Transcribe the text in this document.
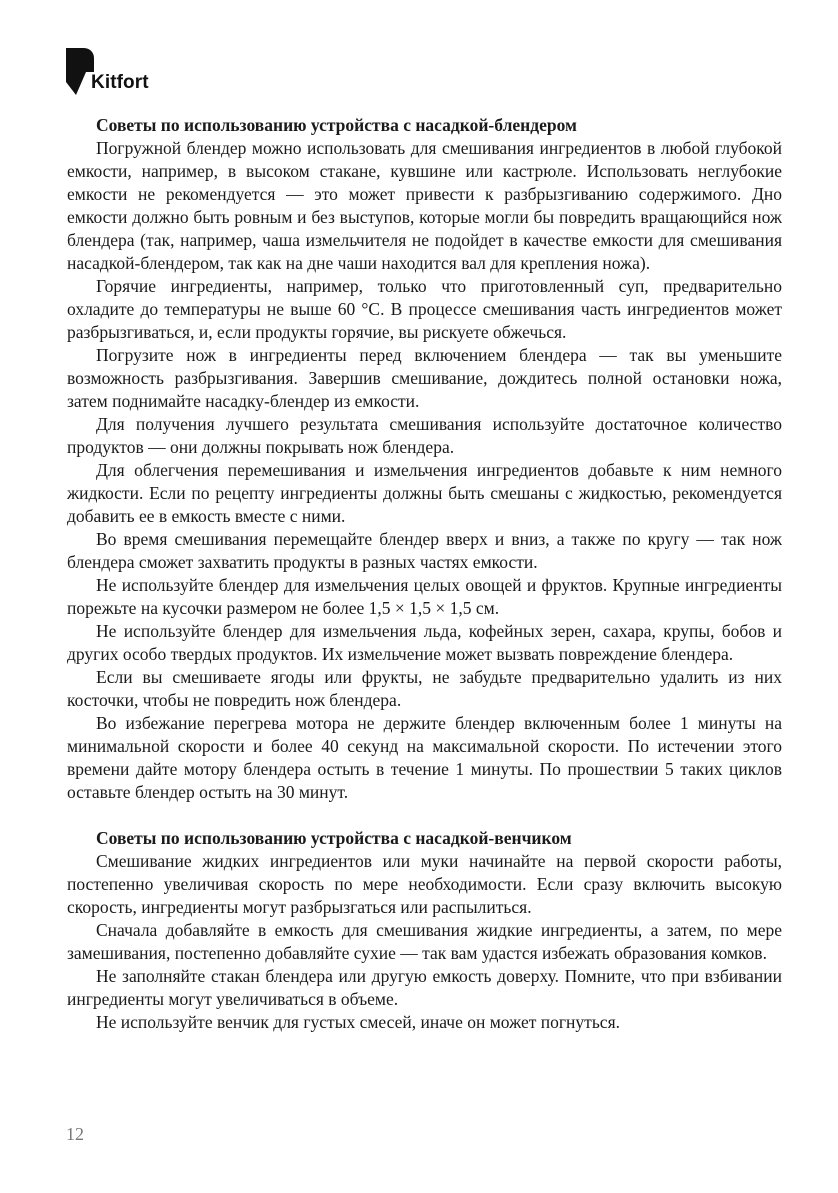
Kitfort

Советы по использованию устройства с насадкой-блендером

Погружной блендер можно использовать для смешивания ингредиентов в любой глубокой емкости, например, в высоком стакане, кувшине или кастрюле. Использовать неглубокие емкости не рекомендуется — это может привести к разбрызгиванию содержимого. Дно емкости должно быть ровным и без выступов, которые могли бы повредить вращающийся нож блендера (так, например, чаша измельчителя не подойдет в качестве емкости для смешивания насадкой-блендером, так как на дне чаши находится вал для крепления ножа).

Горячие ингредиенты, например, только что приготовленный суп, предварительно охладите до температуры не выше 60 °С. В процессе смешивания часть ингредиентов может разбрызгиваться, и, если продукты горячие, вы рискуете обжечься.

Погрузите нож в ингредиенты перед включением блендера — так вы уменьшите возможность разбрызгивания. Завершив смешивание, дождитесь полной остановки ножа, затем поднимайте насадку-блендер из емкости.

Для получения лучшего результата смешивания используйте достаточное количество продуктов — они должны покрывать нож блендера.

Для облегчения перемешивания и измельчения ингредиентов добавьте к ним немного жидкости. Если по рецепту ингредиенты должны быть смешаны с жидкостью, рекомендуется добавить ее в емкость вместе с ними.

Во время смешивания перемещайте блендер вверх и вниз, а также по кругу — так нож блендера сможет захватить продукты в разных частях емкости.

Не используйте блендер для измельчения целых овощей и фруктов. Крупные ингредиенты порежьте на кусочки размером не более 1,5 × 1,5 × 1,5 см.

Не используйте блендер для измельчения льда, кофейных зерен, сахара, крупы, бобов и других особо твердых продуктов. Их измельчение может вызвать повреждение блендера.

Если вы смешиваете ягоды или фрукты, не забудьте предварительно удалить из них косточки, чтобы не повредить нож блендера.

Во избежание перегрева мотора не держите блендер включенным более 1 минуты на минимальной скорости и более 40 секунд на максимальной скорости. По истечении этого времени дайте мотору блендера остыть в течение 1 минуты. По прошествии 5 таких циклов оставьте блендер остыть на 30 минут.

Советы по использованию устройства с насадкой-венчиком

Смешивание жидких ингредиентов или муки начинайте на первой скорости работы, постепенно увеличивая скорость по мере необходимости. Если сразу включить высокую скорость, ингредиенты могут разбрызгаться или распылиться.

Сначала добавляйте в емкость для смешивания жидкие ингредиенты, а затем, по мере замешивания, постепенно добавляйте сухие — так вам удастся избежать образования комков.

Не заполняйте стакан блендера или другую емкость доверху. Помните, что при взбивании ингредиенты могут увеличиваться в объеме.

Не используйте венчик для густых смесей, иначе он может погнуться.

12
